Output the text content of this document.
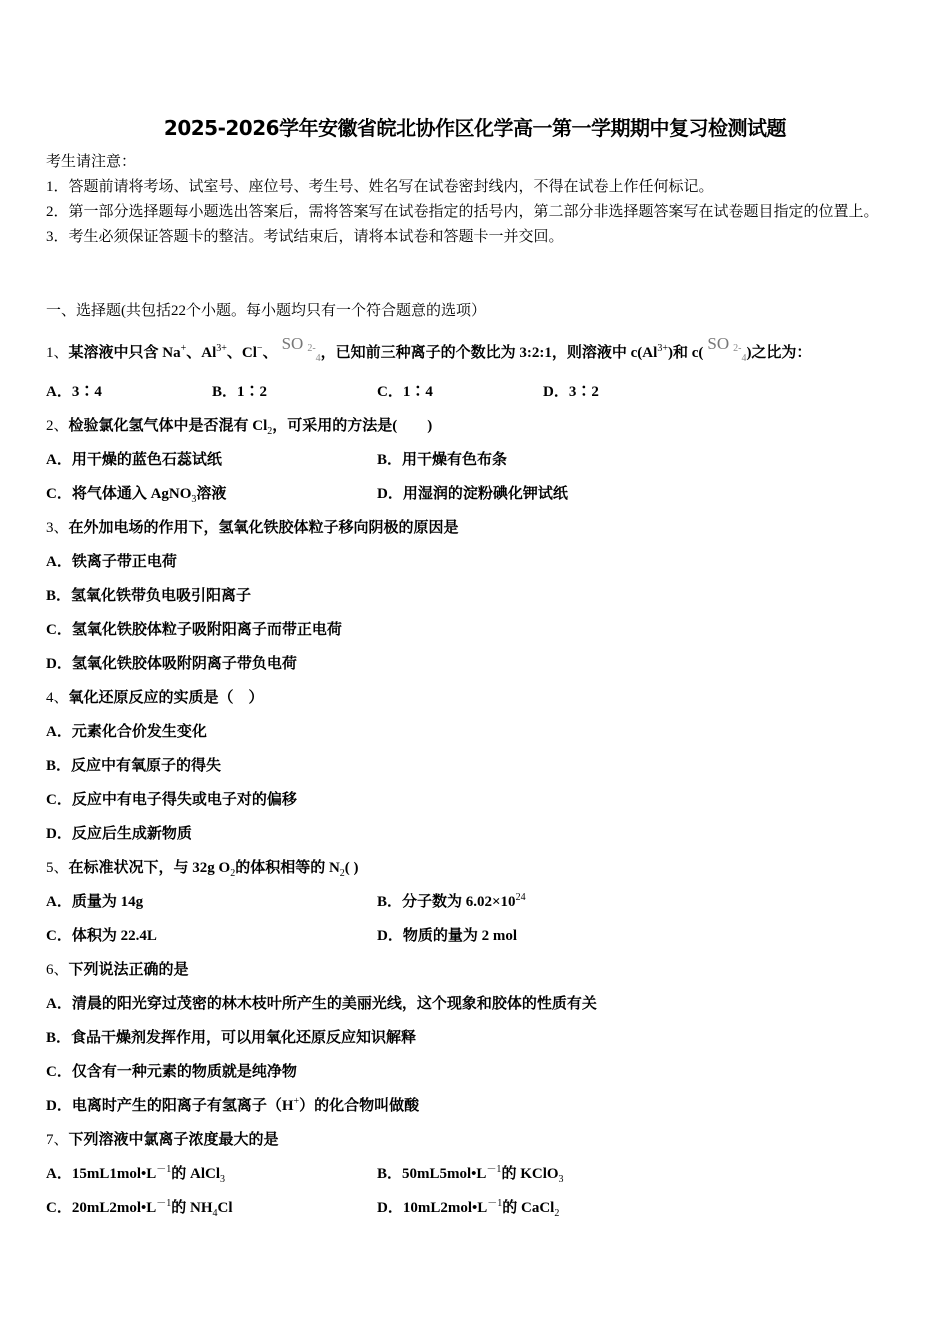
2025-2026学年安徽省皖北协作区化学高一第一学期期中复习检测试题
考生请注意：
1．答题前请将考场、试室号、座位号、考生号、姓名写在试卷密封线内，不得在试卷上作任何标记。
2．第一部分选择题每小题选出答案后，需将答案写在试卷指定的括号内，第二部分非选择题答案写在试卷题目指定的位置上。
3．考生必须保证答题卡的整洁。考试结束后，请将本试卷和答题卡一并交回。
一、选择题(共包括22个小题。每小题均只有一个符合题意的选项）
1、某溶液中只含 Na+、$Al^{3+}$、Cl−、 SO $^{2-}_4$，已知前三种离子的个数比为 3:2:1，则溶液中 $c(Al^{3+})$和 c( SO $^{2-}_4$)之比为：
A．3∶4	B．1∶2	C．1∶4	D．3∶2
2、检验氯化氢气体中是否混有 $Cl_2$，可采用的方法是(　　)
A．用干燥的蓝色石蕊试纸	B．用干燥有色布条
C．将气体通入 AgNO$_3$溶液	D．用湿润的淀粉碘化钾试纸
3、在外加电场的作用下，氢氧化铁胶体粒子移向阴极的原因是
A．铁离子带正电荷
B．氢氧化铁带负电吸引阳离子
C．氢氧化铁胶体粒子吸附阳离子而带正电荷
D．氢氧化铁胶体吸附阴离子带负电荷
4、氧化还原反应的实质是（　）
A．元素化合价发生变化
B．反应中有氧原子的得失
C．反应中有电子得失或电子对的偏移
D．反应后生成新物质
5、在标准状况下，与 32g $O_2$的体积相等的 $N_2$( )
A．质量为 14g	B．分子数为 $6.02\times 10^{24}$
C．体积为 22.4L	D．物质的量为 2 mol
6、下列说法正确的是
A．清晨的阳光穿过茂密的林木枝叶所产生的美丽光线，这个现象和胶体的性质有关
B．食品干燥剂发挥作用，可以用氧化还原反应知识解释
C．仅含有一种元素的物质就是纯净物
D．电离时产生的阳离子有氢离子（H+）的化合物叫做酸
7、下列溶液中氯离子浓度最大的是
A．$15mL1mol•L^{-1}$的 AlCl$_3$	B．$50mL5mol•L^{-1}$的 KClO$_3$
C．$20mL2mol•L^{-1}$的 $NH_4Cl$	D．$10mL2mol•L^{-1}$的 CaCl$_2$
